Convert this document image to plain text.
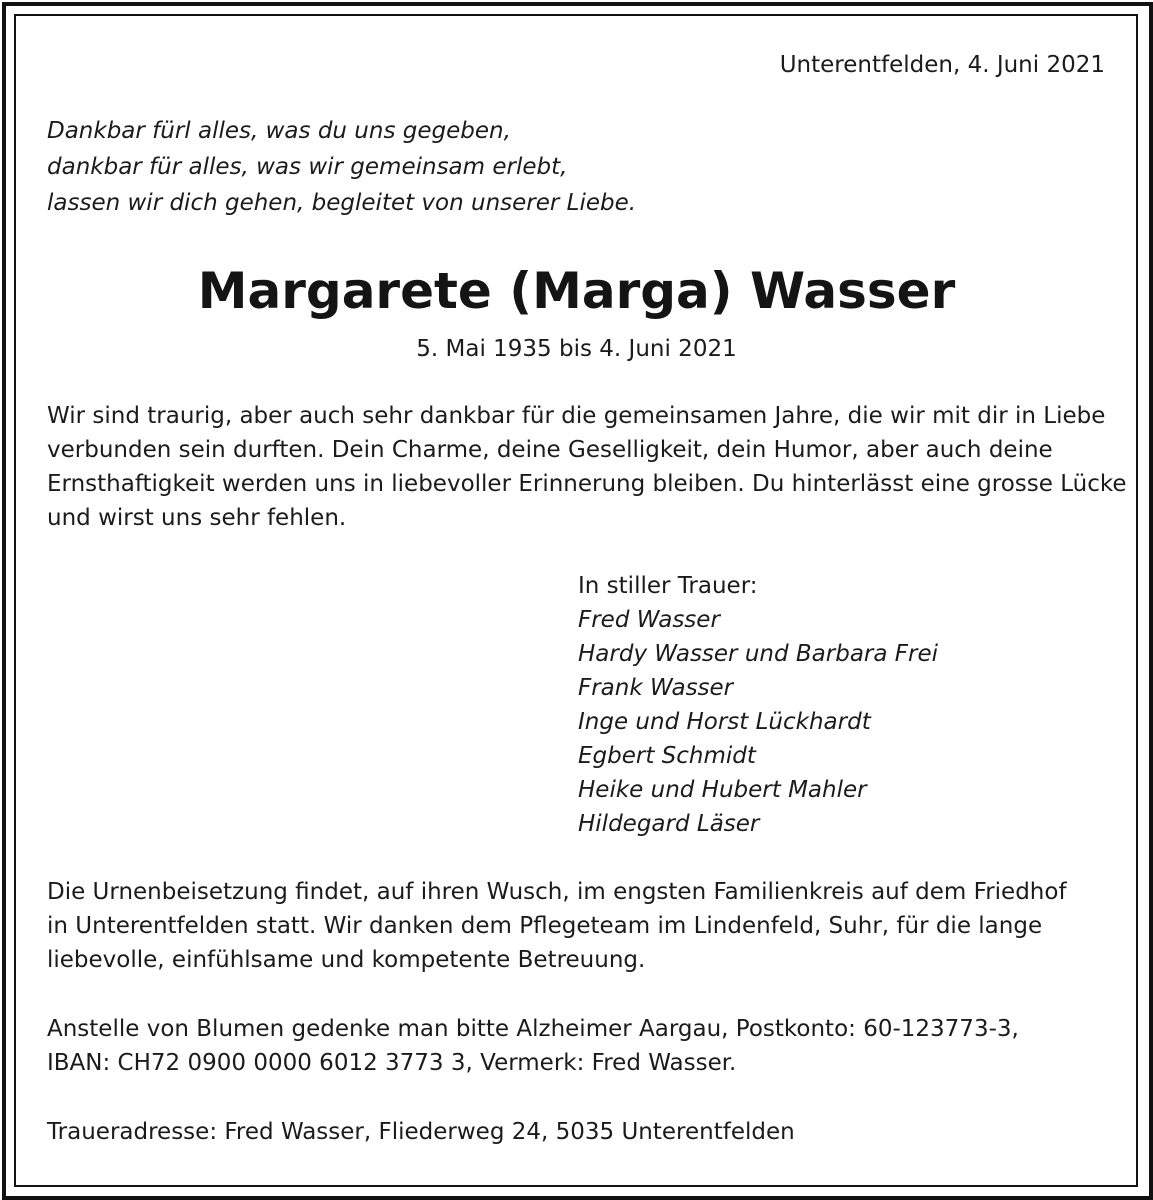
Unterentfelden, 4. Juni 2021
Dankbar fürl alles, was du uns gegeben,
dankbar für alles, was wir gemeinsam erlebt,
lassen wir dich gehen, begleitet von unserer Liebe.
Margarete (Marga) Wasser
5. Mai 1935 bis 4. Juni 2021
Wir sind traurig, aber auch sehr dankbar für die gemeinsamen Jahre, die wir mit dir in Liebe
verbunden sein durften. Dein Charme, deine Geselligkeit, dein Humor, aber auch deine
Ernsthaftigkeit werden uns in liebevoller Erinnerung bleiben. Du hinterlässt eine grosse Lücke
und wirst uns sehr fehlen.
In stiller Trauer:
Fred Wasser
Hardy Wasser und Barbara Frei
Frank Wasser
Inge und Horst Lückhardt
Egbert Schmidt
Heike und Hubert Mahler
Hildegard Läser
Die Urnenbeisetzung findet, auf ihren Wusch, im engsten Familienkreis auf dem Friedhof
in Unterentfelden statt. Wir danken dem Pflegeteam im Lindenfeld, Suhr, für die lange
liebevolle, einfühlsame und kompetente Betreuung.
Anstelle von Blumen gedenke man bitte Alzheimer Aargau, Postkonto: 60-123773-3,
IBAN: CH72 0900 0000 6012 3773 3, Vermerk: Fred Wasser.
Traueradresse: Fred Wasser, Fliederweg 24, 5035 Unterentfelden
